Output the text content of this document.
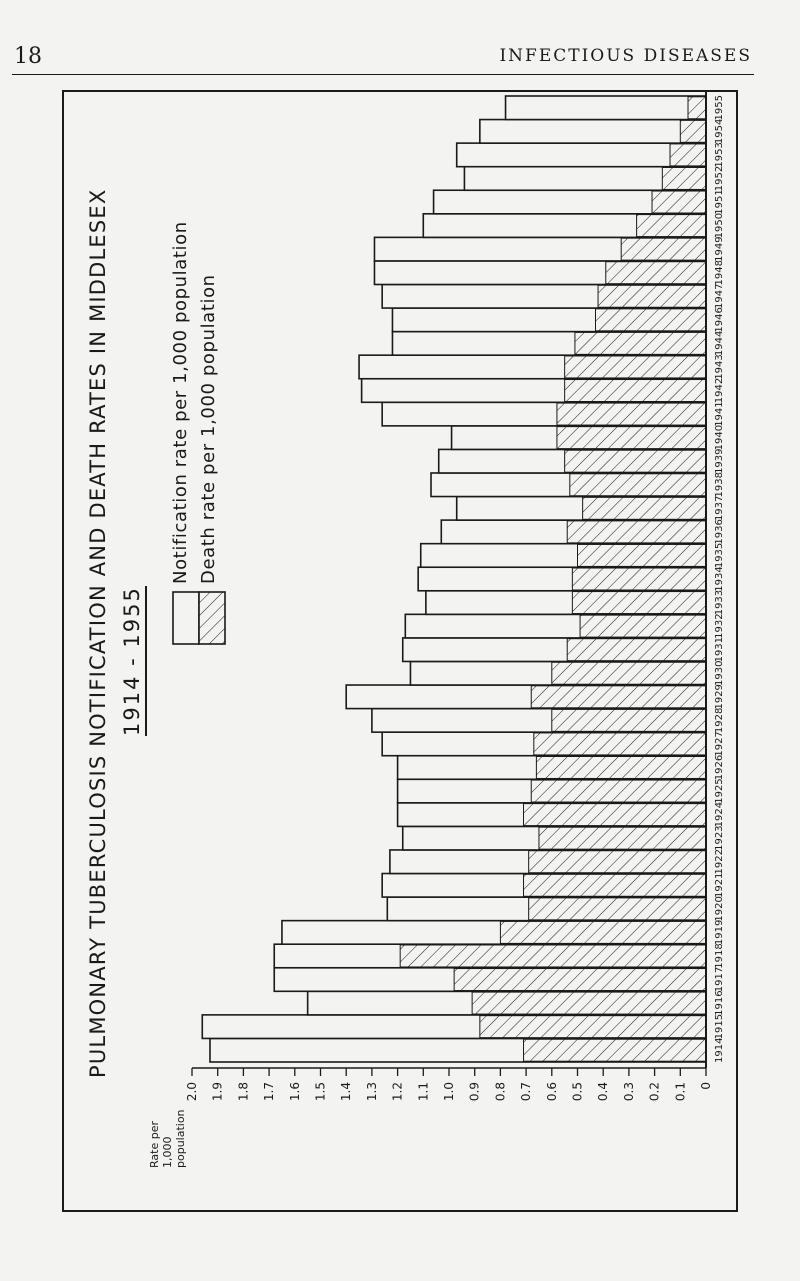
18	INFECTIOUS DISEASES
PULMONARY TUBERCULOSIS NOTIFICATION AND DEATH RATES IN MIDDLESEX 1914 - 1955
Notification rate per 1,000 population Death rate per 1,000 population
Rate per 1,000 population
2.0 1.9 1.8 1.7 1.6 1.5 1.4 1.3 1.2 1.1 1.0 0.9 0.8 0.7 0.6 0.5 0.4 0.3 0.2 0.1 0
1914
1915
1916
1917
1918
1919
1920
1921
1922
1923
1924
1925
1926
1927
1928
1929
1930
1931
1932
1933
1934
1935
1936
1937
1938
1939
1940
1941
1942
1943
1944
1946
1947
1948
1949
1950
1951
1952
1953
1954
1955
